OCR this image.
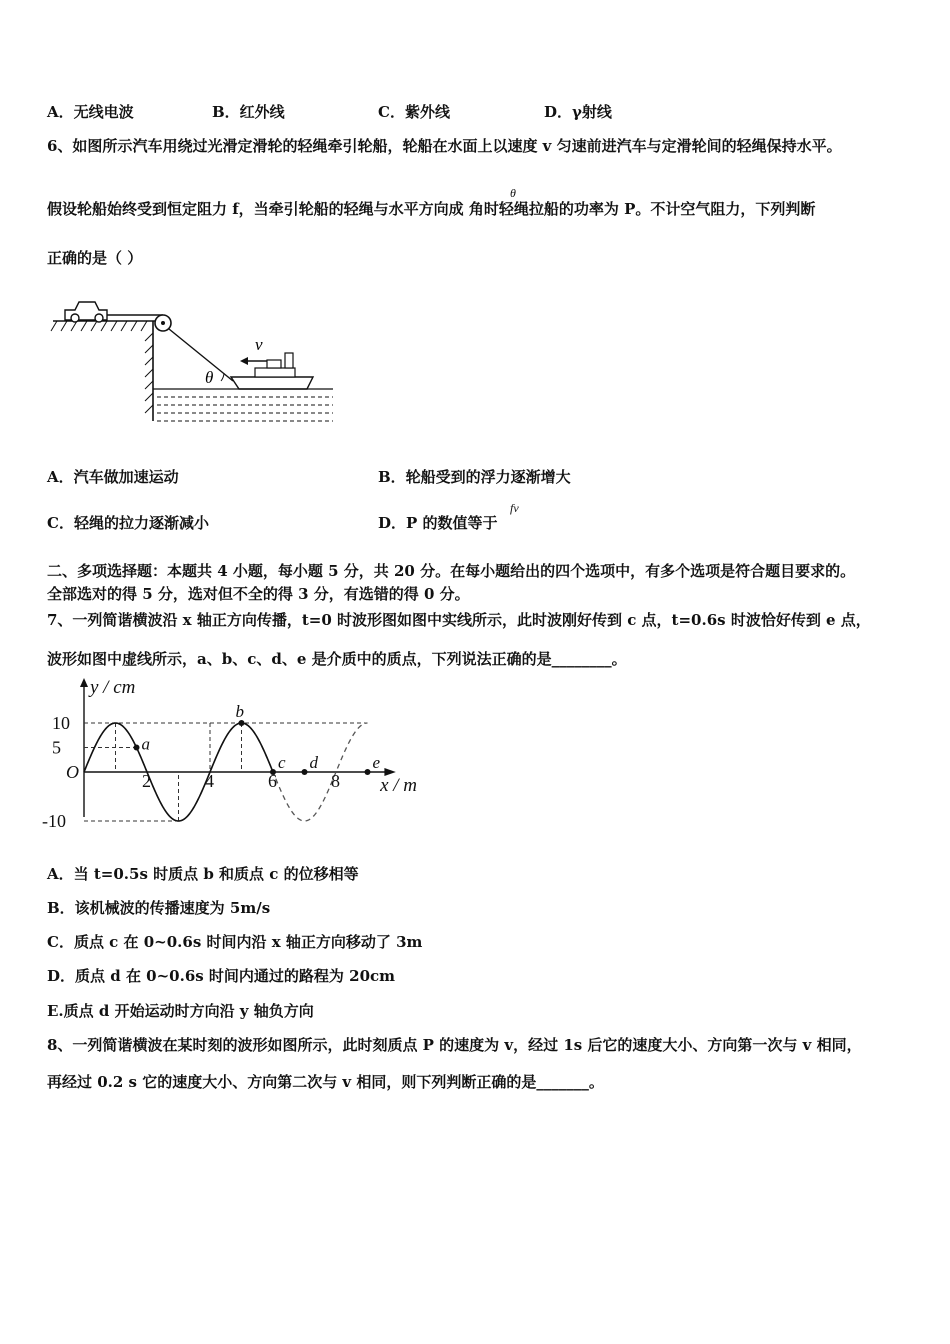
A．无线电波	B．红外线	C．紫外线	D．γ射线
6、如图所示汽车用绕过光滑定滑轮的轻绳牵引轮船，轮船在水面上以速度 v 匀速前进汽车与定滑轮间的轻绳保持水平。
假设轮船始终受到恒定阻力 f，当牵引轮船的轻绳与水平方向成 角时轻绳拉船的功率为 P。不计空气阻力，下列判断
θ
正确的是（ ）
θ
v
A．汽车做加速运动	B．轮船受到的浮力逐渐增大
C．轻绳的拉力逐渐减小	D．P 的数值等于
fv
二、多项选择题：本题共 4 小题，每小题 5 分，共 20 分。在每小题给出的四个选项中，有多个选项是符合题目要求的。
全部选对的得 5 分，选对但不全的得 3 分，有选错的得 0 分。
7、一列简谐横波沿 x 轴正方向传播，t=0 时波形图如图中实线所示，此时波刚好传到 c 点，t=0.6s 时波恰好传到 e 点，
波形如图中虚线所示，a、b、c、d、e 是介质中的质点，下列说法正确的是________。
a
b
c d	e
2	4	6	8
10
5
-10
O
y / cm
x / m
A．当 t=0.5s 时质点 b 和质点 c 的位移相等
B．该机械波的传播速度为 5m/s
C．质点 c 在 0~0.6s 时间内沿 x 轴正方向移动了 3m
D．质点 d 在 0~0.6s 时间内通过的路程为 20cm
E.质点 d 开始运动时方向沿 y 轴负方向
8、一列简谐横波在某时刻的波形如图所示，此时刻质点 P 的速度为 v，经过 1s 后它的速度大小、方向第一次与 v 相同，
再经过 0.2 s 它的速度大小、方向第二次与 v 相同，则下列判断正确的是_______。
